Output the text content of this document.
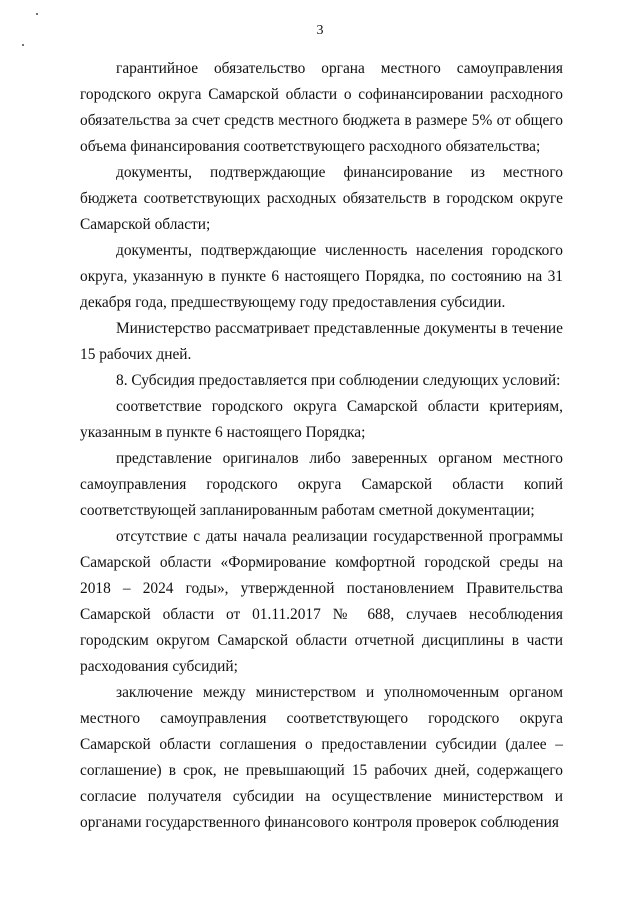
3

гарантийное обязательство органа местного самоуправления городского округа Самарской области о софинансировании расходного обязательства за счет средств местного бюджета в размере 5% от общего объема финансирования соответствующего расходного обязательства;

документы, подтверждающие финансирование из местного бюджета соответствующих расходных обязательств в городском округе Самарской области;

документы, подтверждающие численность населения городского округа, указанную в пункте 6 настоящего Порядка, по состоянию на 31 декабря года, предшествующему году предоставления субсидии.

Министерство рассматривает представленные документы в течение 15 рабочих дней.

8. Субсидия предоставляется при соблюдении следующих условий:

соответствие городского округа Самарской области критериям, указанным в пункте 6 настоящего Порядка;

представление оригиналов либо заверенных органом местного самоуправления городского округа Самарской области копий соответствующей запланированным работам сметной документации;

отсутствие с даты начала реализации государственной программы Самарской области «Формирование комфортной городской среды на 2018 – 2024 годы», утвержденной постановлением Правительства Самарской области от 01.11.2017 № 688, случаев несоблюдения городским округом Самарской области отчетной дисциплины в части расходования субсидий;

заключение между министерством и уполномоченным органом местного самоуправления соответствующего городского округа Самарской области соглашения о предоставлении субсидии (далее – соглашение) в срок, не превышающий 15 рабочих дней, содержащего согласие получателя субсидии на осуществление министерством и органами государственного финансового контроля проверок соблюдения
